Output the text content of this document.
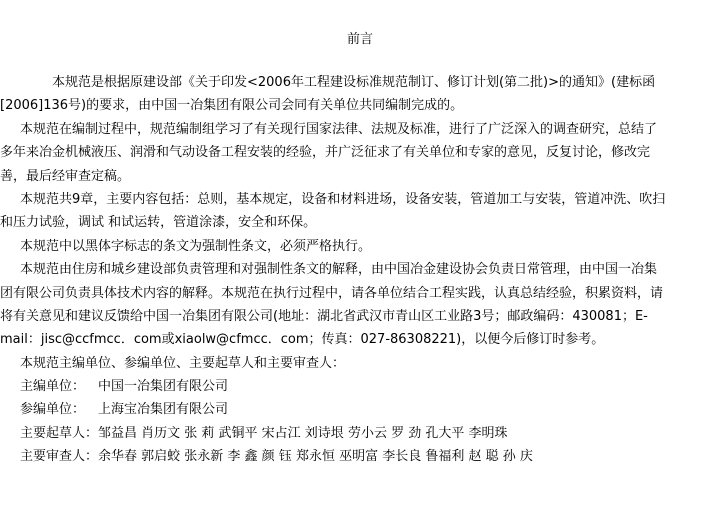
前言
本规范是根据原建设部《关于印发<2006年工程建设标准规范制订、修订计划(第二批)>的通知》(建标函
[2006]136号)的要求，由中国一冶集团有限公司会同有关单位共同编制完成的。
本规范在编制过程中，规范编制组学习了有关现行国家法律、法规及标准，进行了广泛深入的调查研究，总结了
多年来冶金机械液压、润滑和气动设备工程安装的经验，并广泛征求了有关单位和专家的意见，反复讨论，修改完
善，最后经审查定稿。
本规范共9章，主要内容包括：总则，基本规定，设备和材料进场，设备安装，管道加工与安装，管道冲洗、吹扫
和压力试验，调试 和试运转，管道涂漆，安全和环保。
本规范中以黑体字标志的条文为强制性条文，必须严格执行。
本规范由住房和城乡建设部负责管理和对强制性条文的解释，由中国冶金建设协会负责日常管理，由中国一冶集
团有限公司负责具体技术内容的解释。本规范在执行过程中，请各单位结合工程实践，认真总结经验，积累资料，请
将有关意见和建议反馈给中国一冶集团有限公司(地址：湖北省武汉市青山区工业路3号；邮政编码：430081；E-
mail：jisc@ccfmcc．com或xiaolw@cfmcc．com；传真：027-86308221)，以便今后修订时参考。
本规范主编单位、参编单位、主要起草人和主要审查人：
主编单位： 中国一冶集团有限公司
参编单位： 上海宝冶集团有限公司
主要起草人：邹益昌 肖历文 张 莉 武铜平 宋占江 刘诗垠 劳小云 罗 劲 孔大平 李明珠
主要审查人：余华春 郭启蛟 张永新 李 鑫 颜 钰 郑永恒 巫明富 李长良 鲁福利 赵 聪 孙 庆
